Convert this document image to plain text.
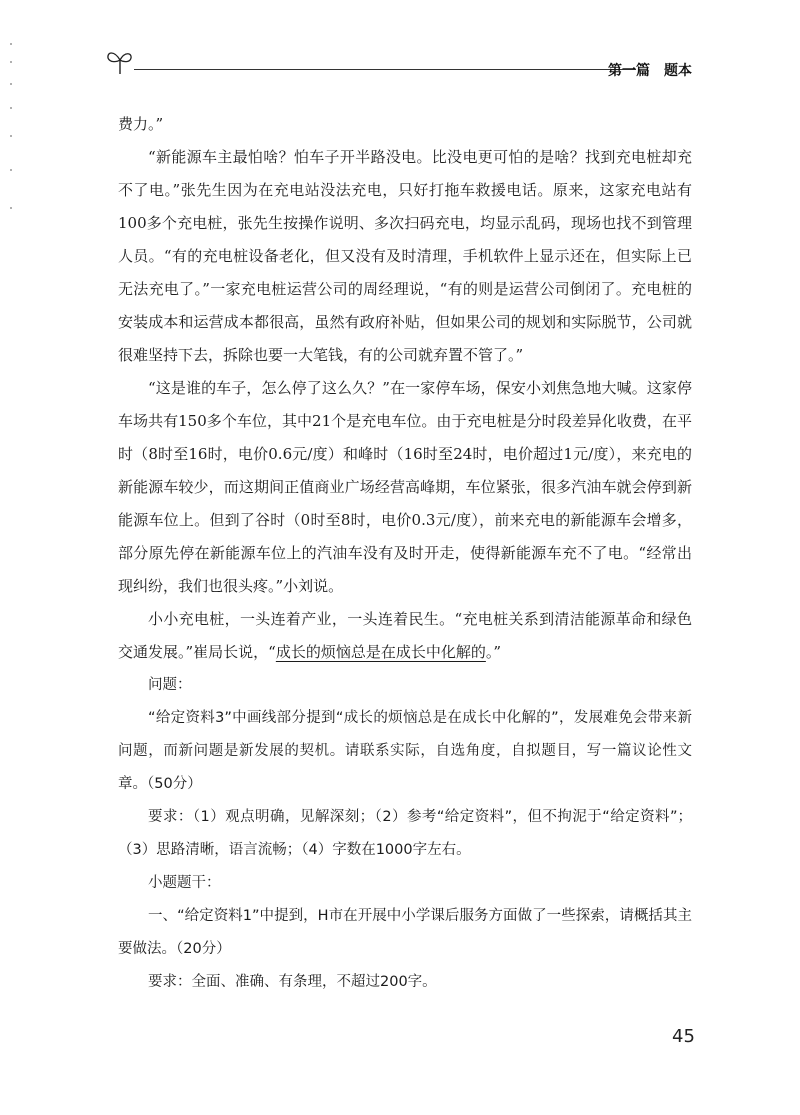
第一篇　题本

费力。”

“新能源车主最怕啥？怕车子开半路没电。比没电更可怕的是啥？找到充电桩却充不了电。”张先生因为在充电站没法充电，只好打拖车救援电话。原来，这家充电站有100多个充电桩，张先生按操作说明、多次扫码充电，均显示乱码，现场也找不到管理人员。“有的充电桩设备老化，但又没有及时清理，手机软件上显示还在，但实际上已无法充电了。”一家充电桩运营公司的周经理说，“有的则是运营公司倒闭了。充电桩的安装成本和运营成本都很高，虽然有政府补贴，但如果公司的规划和实际脱节，公司就很难坚持下去，拆除也要一大笔钱，有的公司就弃置不管了。”

“这是谁的车子，怎么停了这么久？”在一家停车场，保安小刘焦急地大喊。这家停车场共有150多个车位，其中21个是充电车位。由于充电桩是分时段差异化收费，在平时（8时至16时，电价0.6元/度）和峰时（16时至24时，电价超过1元/度），来充电的新能源车较少，而这期间正值商业广场经营高峰期，车位紧张，很多汽油车就会停到新能源车位上。但到了谷时（0时至8时，电价0.3元/度），前来充电的新能源车会增多，部分原先停在新能源车位上的汽油车没有及时开走，使得新能源车充不了电。“经常出现纠纷，我们也很头疼。”小刘说。

小小充电桩，一头连着产业，一头连着民生。“充电桩关系到清洁能源革命和绿色交通发展。”崔局长说，“成长的烦恼总是在成长中化解的。”

问题：

“给定资料3”中画线部分提到“成长的烦恼总是在成长中化解的”，发展难免会带来新问题，而新问题是新发展的契机。请联系实际，自选角度，自拟题目，写一篇议论性文章。（50分）

要求：（1）观点明确，见解深刻；（2）参考“给定资料”，但不拘泥于“给定资料”；（3）思路清晰，语言流畅；（4）字数在1000字左右。

小题题干：

一、“给定资料1”中提到，H市在开展中小学课后服务方面做了一些探索，请概括其主要做法。（20分）

要求：全面、准确、有条理，不超过200字。

45
